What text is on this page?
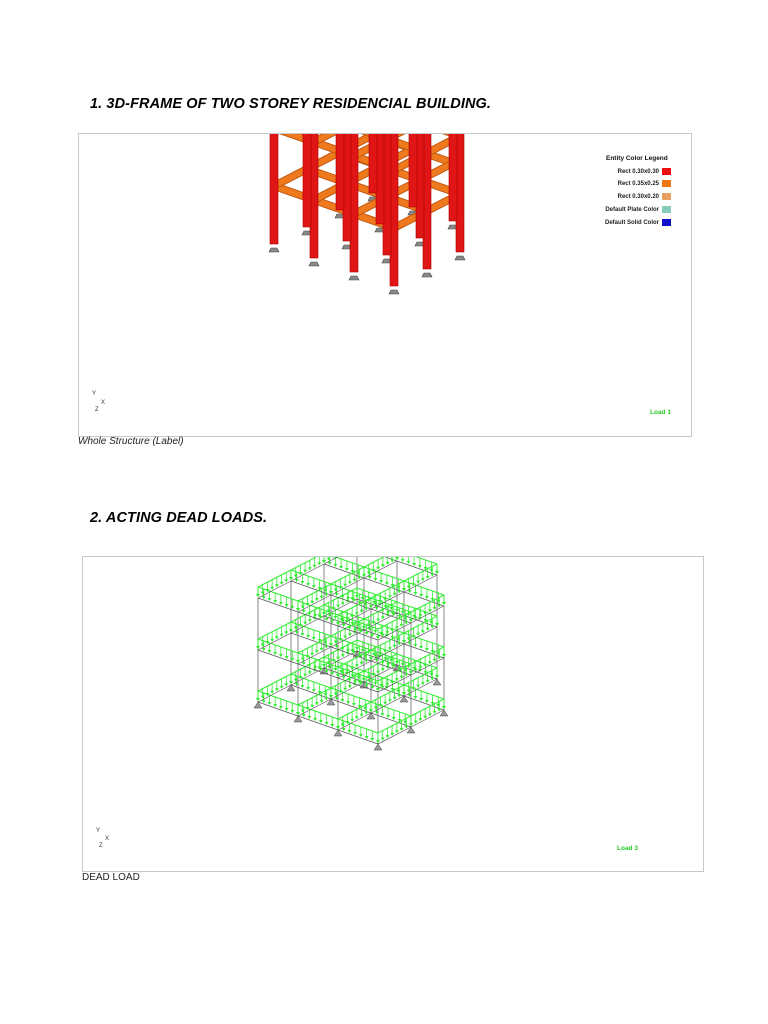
1. 3D-FRAME OF TWO STOREY RESIDENCIAL BUILDING.
Entity Color Legend
Rect 0.30x0.30
Rect 0.35x0.25
Rect 0.30x0.20
Default Plate Color
Default Solid Color
Load 1
Y
X
Z
Whole Structure (Label)
2. ACTING DEAD LOADS.
Load 3
Y
X
Z
DEAD LOAD
